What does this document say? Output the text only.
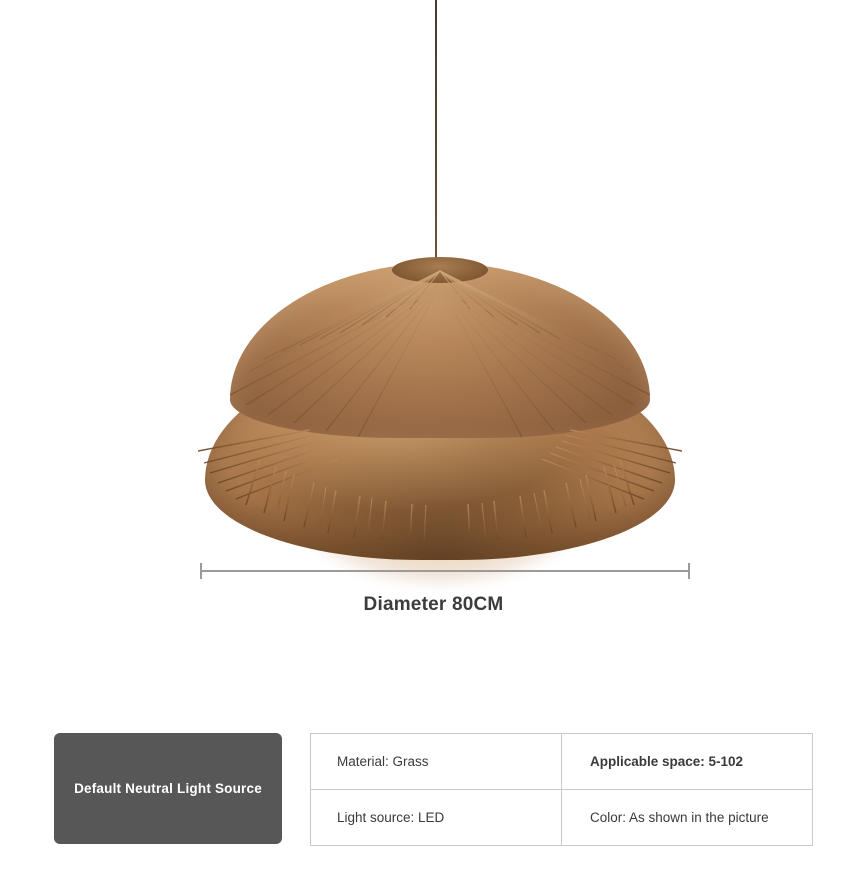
Diameter 80CM
Default Neutral Light Source
Material: Grass	Applicable space: 5-102
Light source: LED	Color: As shown in the picture
